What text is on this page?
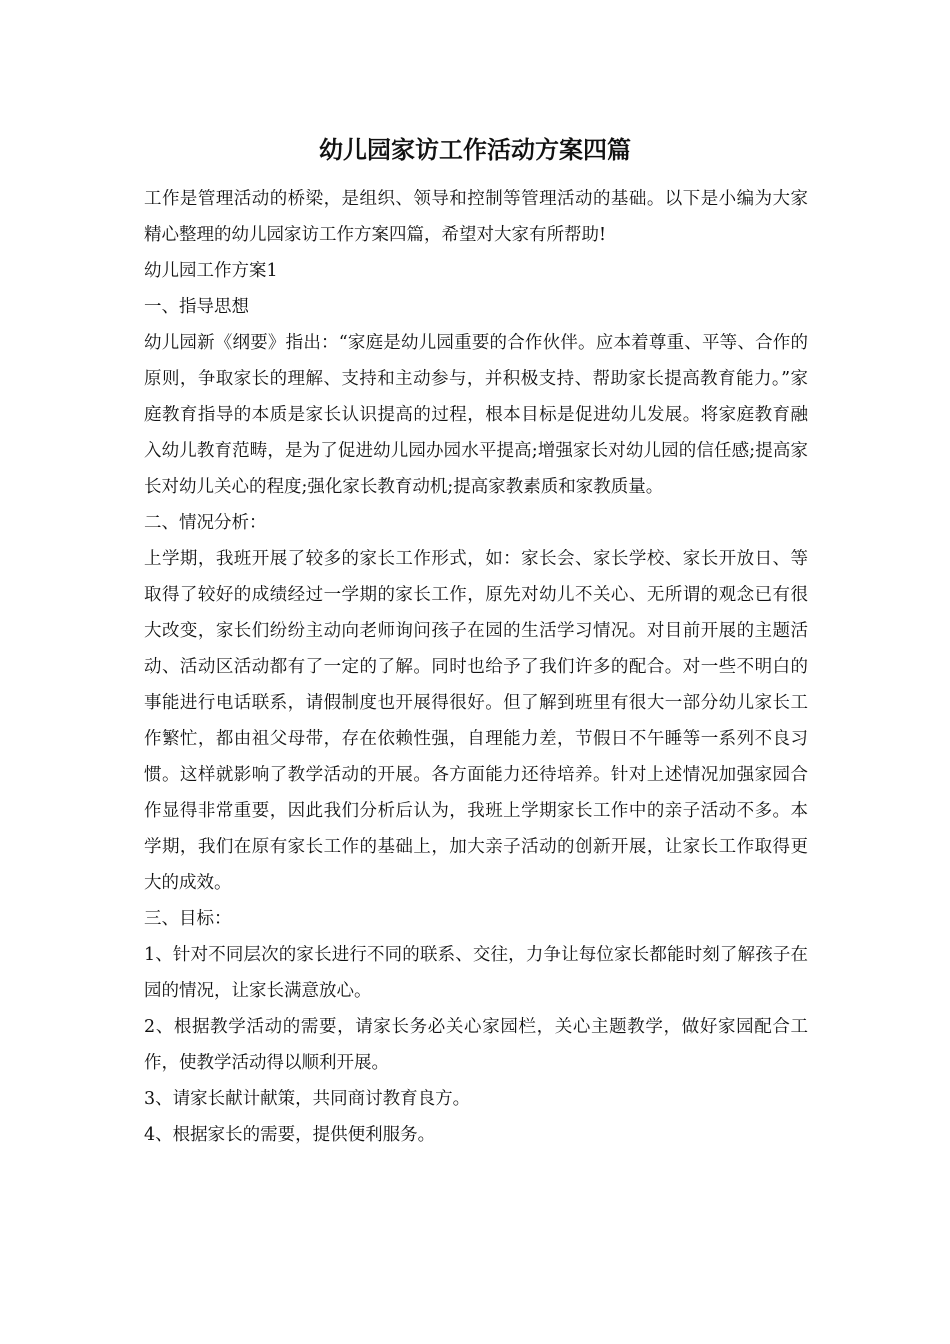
幼儿园家访工作活动方案四篇

工作是管理活动的桥梁，是组织、领导和控制等管理活动的基础。以下是小编为大家精心整理的幼儿园家访工作方案四篇，希望对大家有所帮助!

幼儿园工作方案1

一、指导思想

幼儿园新《纲要》指出：“家庭是幼儿园重要的合作伙伴。应本着尊重、平等、合作的原则，争取家长的理解、支持和主动参与，并积极支持、帮助家长提高教育能力。”家庭教育指导的本质是家长认识提高的过程，根本目标是促进幼儿发展。将家庭教育融入幼儿教育范畴，是为了促进幼儿园办园水平提高;增强家长对幼儿园的信任感;提高家长对幼儿关心的程度;强化家长教育动机;提高家教素质和家教质量。

二、情况分析：

上学期，我班开展了较多的家长工作形式，如：家长会、家长学校、家长开放日、等取得了较好的成绩经过一学期的家长工作，原先对幼儿不关心、无所谓的观念已有很大改变，家长们纷纷主动向老师询问孩子在园的生活学习情况。对目前开展的主题活动、活动区活动都有了一定的了解。同时也给予了我们许多的配合。对一些不明白的事能进行电话联系，请假制度也开展得很好。但了解到班里有很大一部分幼儿家长工作繁忙，都由祖父母带，存在依赖性强，自理能力差，节假日不午睡等一系列不良习惯。这样就影响了教学活动的开展。各方面能力还待培养。针对上述情况加强家园合作显得非常重要，因此我们分析后认为，我班上学期家长工作中的亲子活动不多。本学期，我们在原有家长工作的基础上，加大亲子活动的创新开展，让家长工作取得更大的成效。

三、目标：

1、针对不同层次的家长进行不同的联系、交往，力争让每位家长都能时刻了解孩子在园的情况，让家长满意放心。

2、根据教学活动的需要，请家长务必关心家园栏，关心主题教学，做好家园配合工作，使教学活动得以顺利开展。

3、请家长献计献策，共同商讨教育良方。

4、根据家长的需要，提供便利服务。
